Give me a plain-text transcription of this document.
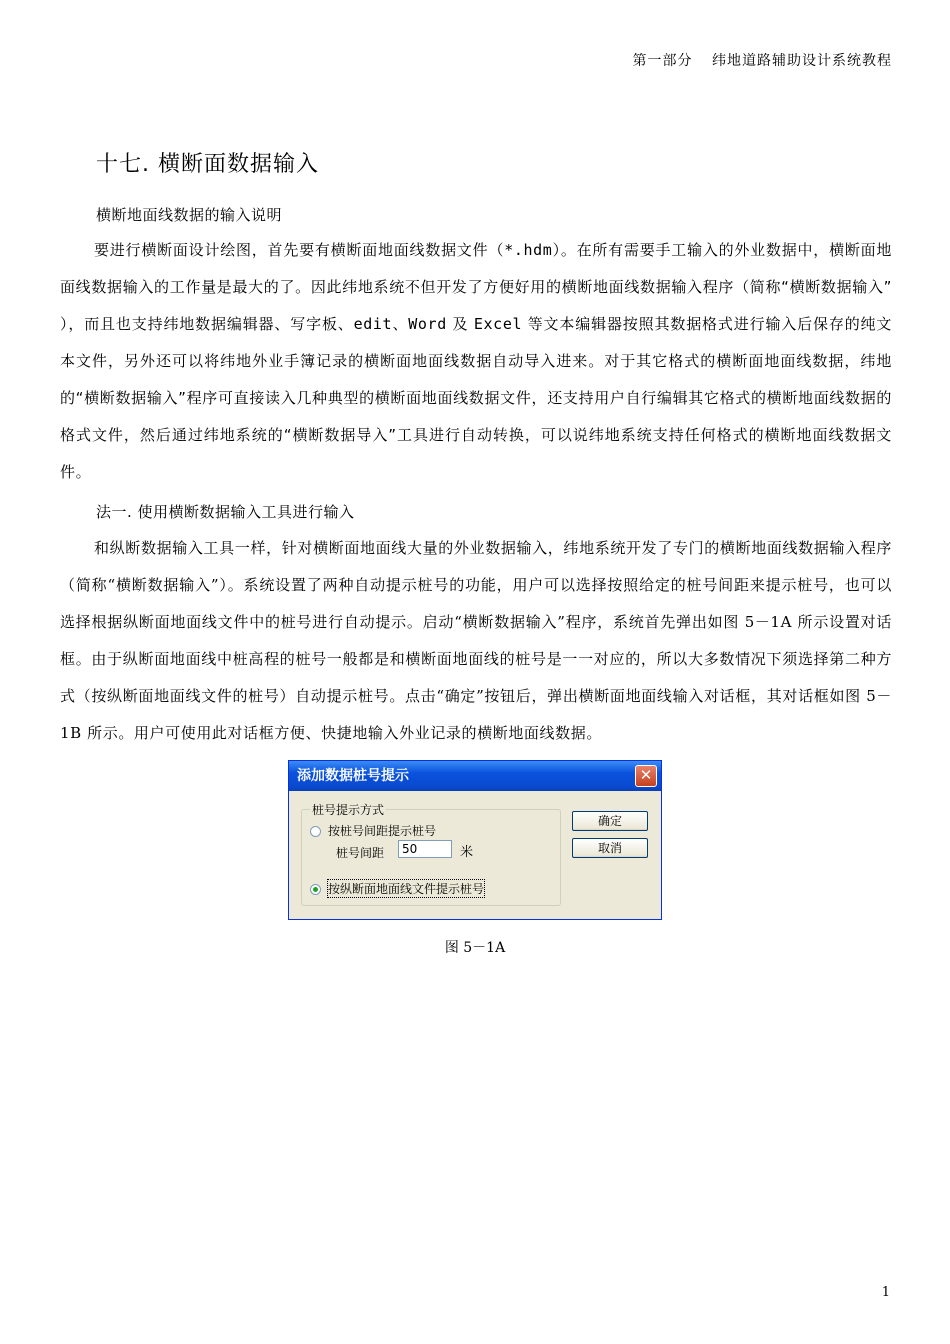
第一部分 纬地道路辅助设计系统教程
十七. 横断面数据输入
横断地面线数据的输入说明

要进行横断面设计绘图，首先要有横断面地面线数据文件（*.hdm）。在所有需要手工输入的外业数据中，横断面地面线数据输入的工作量是最大的了。因此纬地系统不但开发了方便好用的横断地面线数据输入程序（简称“横断数据输入” ），而且也支持纬地数据编辑器、写字板、edit、Word 及 Excel 等文本编辑器按照其数据格式进行输入后保存的纯文本文件，另外还可以将纬地外业手簿记录的横断面地面线数据自动导入进来。对于其它格式的横断面地面线数据，纬地的“横断数据输入”程序可直接读入几种典型的横断面地面线数据文件，还支持用户自行编辑其它格式的横断地面线数据的格式文件，然后通过纬地系统的“横断数据导入”工具进行自动转换，可以说纬地系统支持任何格式的横断地面线数据文件。

法一. 使用横断数据输入工具进行输入

和纵断数据输入工具一样，针对横断面地面线大量的外业数据输入，纬地系统开发了专门的横断地面线数据输入程序（简称“横断数据输入”）。系统设置了两种自动提示桩号的功能，用户可以选择按照给定的桩号间距来提示桩号，也可以选择根据纵断面地面线文件中的桩号进行自动提示。启动“横断数据输入”程序，系统首先弹出如图 5－1A 所示设置对话框。由于纵断面地面线中桩高程的桩号一般都是和横断面地面线的桩号是一一对应的，所以大多数情况下须选择第二种方式（按纵断面地面线文件的桩号）自动提示桩号。点击“确定”按钮后，弹出横断面地面线输入对话框，其对话框如图 5－1B 所示。用户可使用此对话框方便、快捷地输入外业记录的横断地面线数据。

添加数据桩号提示	✕
桩号提示方式
按桩号间距提示桩号
桩号间距	50	米
按纵断面地面线文件提示桩号
确定
取消
图 5－1A
1
